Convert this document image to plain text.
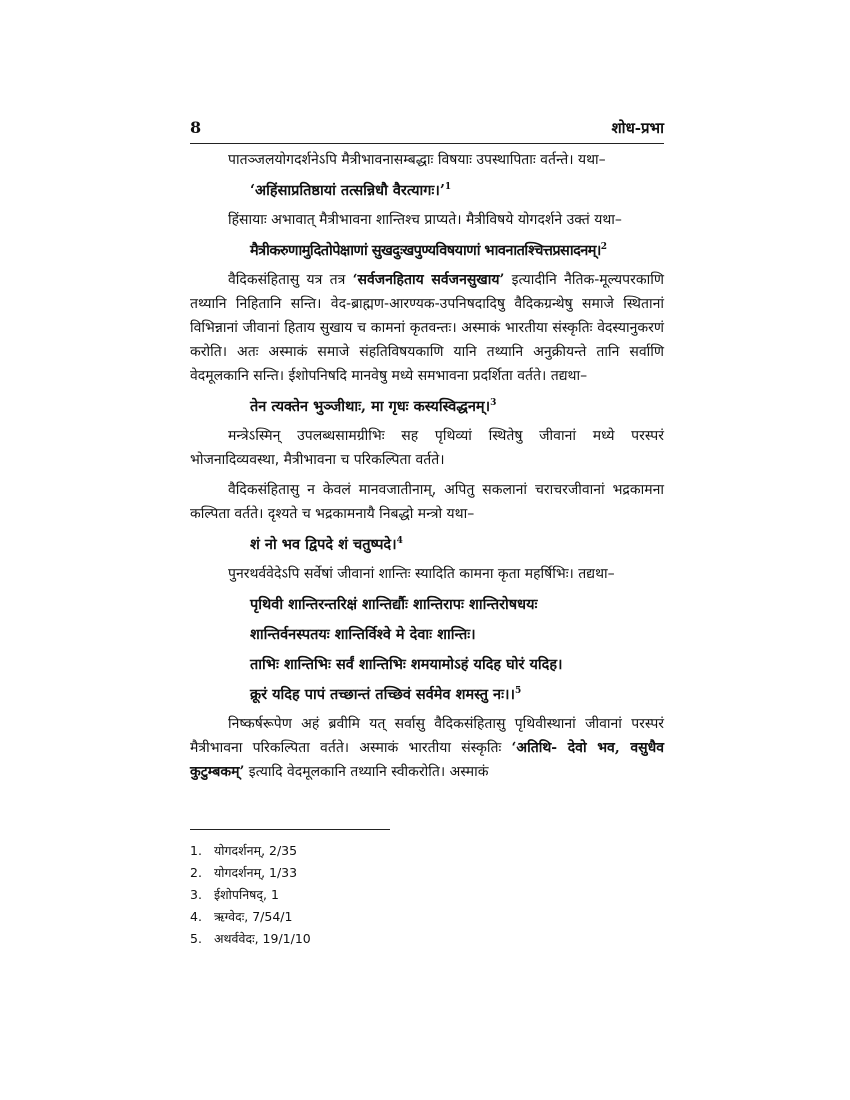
8	शोध-प्रभा

पातञ्जलयोगदर्शनेऽपि मैत्रीभावनासम्बद्धाः विषयाः उपस्थापिताः वर्तन्ते। यथा–

‘अहिंसाप्रतिष्ठायां तत्सन्निधौ वैरत्यागः।’$^1$

हिंसायाः अभावात् मैत्रीभावना शान्तिश्च प्राप्यते। मैत्रीविषये योगदर्शने उक्तं यथा–

मैत्रीकरुणामुदितोपेक्षाणां सुखदुःखपुण्यविषयाणां भावनातश्चित्तप्रसादनम्।$^2$

वैदिकसंहितासु यत्र तत्र ‘सर्वजनहिताय सर्वजनसुखाय’ इत्यादीनि नैतिक-मूल्यपरकाणि तथ्यानि निहितानि सन्ति। वेद-ब्राह्मण-आरण्यक-उपनिषदादिषु वैदिकग्रन्थेषु समाजे स्थितानां विभिन्नानां जीवानां हिताय सुखाय च कामनां कृतवन्तः। अस्माकं भारतीया संस्कृतिः वेदस्यानुकरणं करोति। अतः अस्माकं समाजे संहतिविषयकाणि यानि तथ्यानि अनुक्रीयन्ते तानि सर्वाणि वेदमूलकानि सन्ति। ईशोपनिषदि मानवेषु मध्ये समभावना प्रदर्शिता वर्तते। तद्यथा–

तेन त्यक्तेन भुञ्जीथाः, मा गृधः कस्यस्विद्धनम्।$^3$

मन्त्रेऽस्मिन् उपलब्धसामग्रीभिः सह पृथिव्यां स्थितेषु जीवानां मध्ये परस्परं भोजनादिव्यवस्था, मैत्रीभावना च परिकल्पिता वर्तते।

वैदिकसंहितासु न केवलं मानवजातीनाम्, अपितु सकलानां चराचरजीवानां भद्रकामना कल्पिता वर्तते। दृश्यते च भद्रकामनायै निबद्धो मन्त्रो यथा–

शं नो भव द्विपदे शं चतुष्पदे।$^4$

पुनरथर्ववेदेऽपि सर्वेषां जीवानां शान्तिः स्यादिति कामना कृता महर्षिभिः। तद्यथा–

पृथिवी शान्तिरन्तरिक्षं शान्तिर्द्यौः शान्तिरापः शान्तिरोषधयः
शान्तिर्वनस्पतयः शान्तिर्विश्वे मे देवाः शान्तिः।
ताभिः शान्तिभिः सर्वं शान्तिभिः शमयामोऽहं यदिह घोरं यदिह।
क्रूरं यदिह पापं तच्छान्तं तच्छिवं सर्वमेव शमस्तु नः।।$^5$

निष्कर्षरूपेण अहं ब्रवीमि यत् सर्वासु वैदिकसंहितासु पृथिवीस्थानां जीवानां परस्परं मैत्रीभावना परिकल्पिता वर्तते। अस्माकं भारतीया संस्कृतिः ‘अतिथि- देवो भव, वसुधैव कुटुम्बकम्’ इत्यादि वेदमूलकानि तथ्यानि स्वीकरोति। अस्माकं

1. योगदर्शनम्, 2/35
2. योगदर्शनम्, 1/33
3. ईशोपनिषद्, 1
4. ऋग्वेदः, 7/54/1
5. अथर्ववेदः, 19/1/10
